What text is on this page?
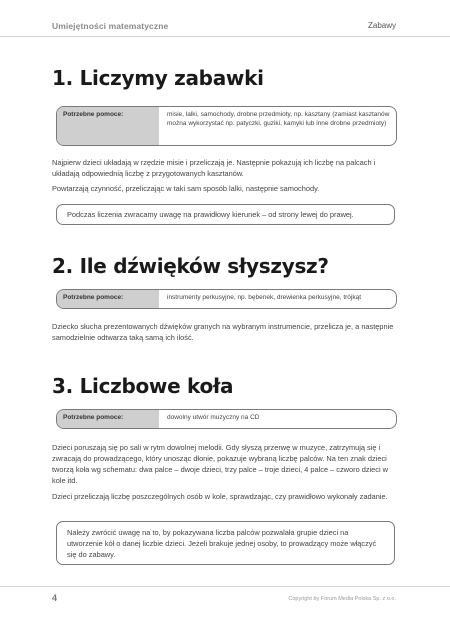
Umiejętności matematyczne	Zabawy
1. Liczymy zabawki
Potrzebne pomoce:	misie, lalki, samochody, drobne przedmioty, np. kasztany (zamiast kasztanów można wykorzystać np. patyczki, guziki, kamyki lub inne drobne przedmioty)

Najpierw dzieci układają w rzędzie misie i przeliczają je. Następnie pokazują ich liczbę na palcach i układają odpowiednią liczbę z przygotowanych kasztanów.

Powtarzają czynność, przeliczając w taki sam sposób lalki, następnie samochody.

Podczas liczenia zwracamy uwagę na prawidłowy kierunek – od strony lewej do prawej.
2. Ile dźwięków słyszysz?
Potrzebne pomoce:	instrumenty perkusyjne, np. bębenek, drewienka perkusyjne, trójkąt

Dziecko słucha prezentowanych dźwięków granych na wybranym instrumencie, przelicza je, a następnie samodzielnie odtwarza taką samą ich ilość.

3. Liczbowe koła
Potrzebne pomoce:	dowolny utwór muzyczny na CD

Dzieci poruszają się po sali w rytm dowolnej melodii. Gdy słyszą przerwę w muzyce, zatrzymują się i zwracają do prowadzącego, który unosząc dłonie, pokazuje wybraną liczbę palców. Na ten znak dzieci tworzą koła wg schematu: dwa palce – dwoje dzieci, trzy palce – troje dzieci, 4 palce – czworo dzieci w kole itd.

Dzieci przeliczają liczbę poszczególnych osób w kole, sprawdzając, czy prawidłowo wykonały zadanie.

Należy zwrócić uwagę na to, by pokazywana liczba palców pozwalała grupie dzieci na utworzenie kół o danej liczbie dzieci. Jeżeli brakuje jednej osoby, to prowadzący może włączyć się do zabawy.
4	Copyright by Forum Media Polska Sp. z o.o.
